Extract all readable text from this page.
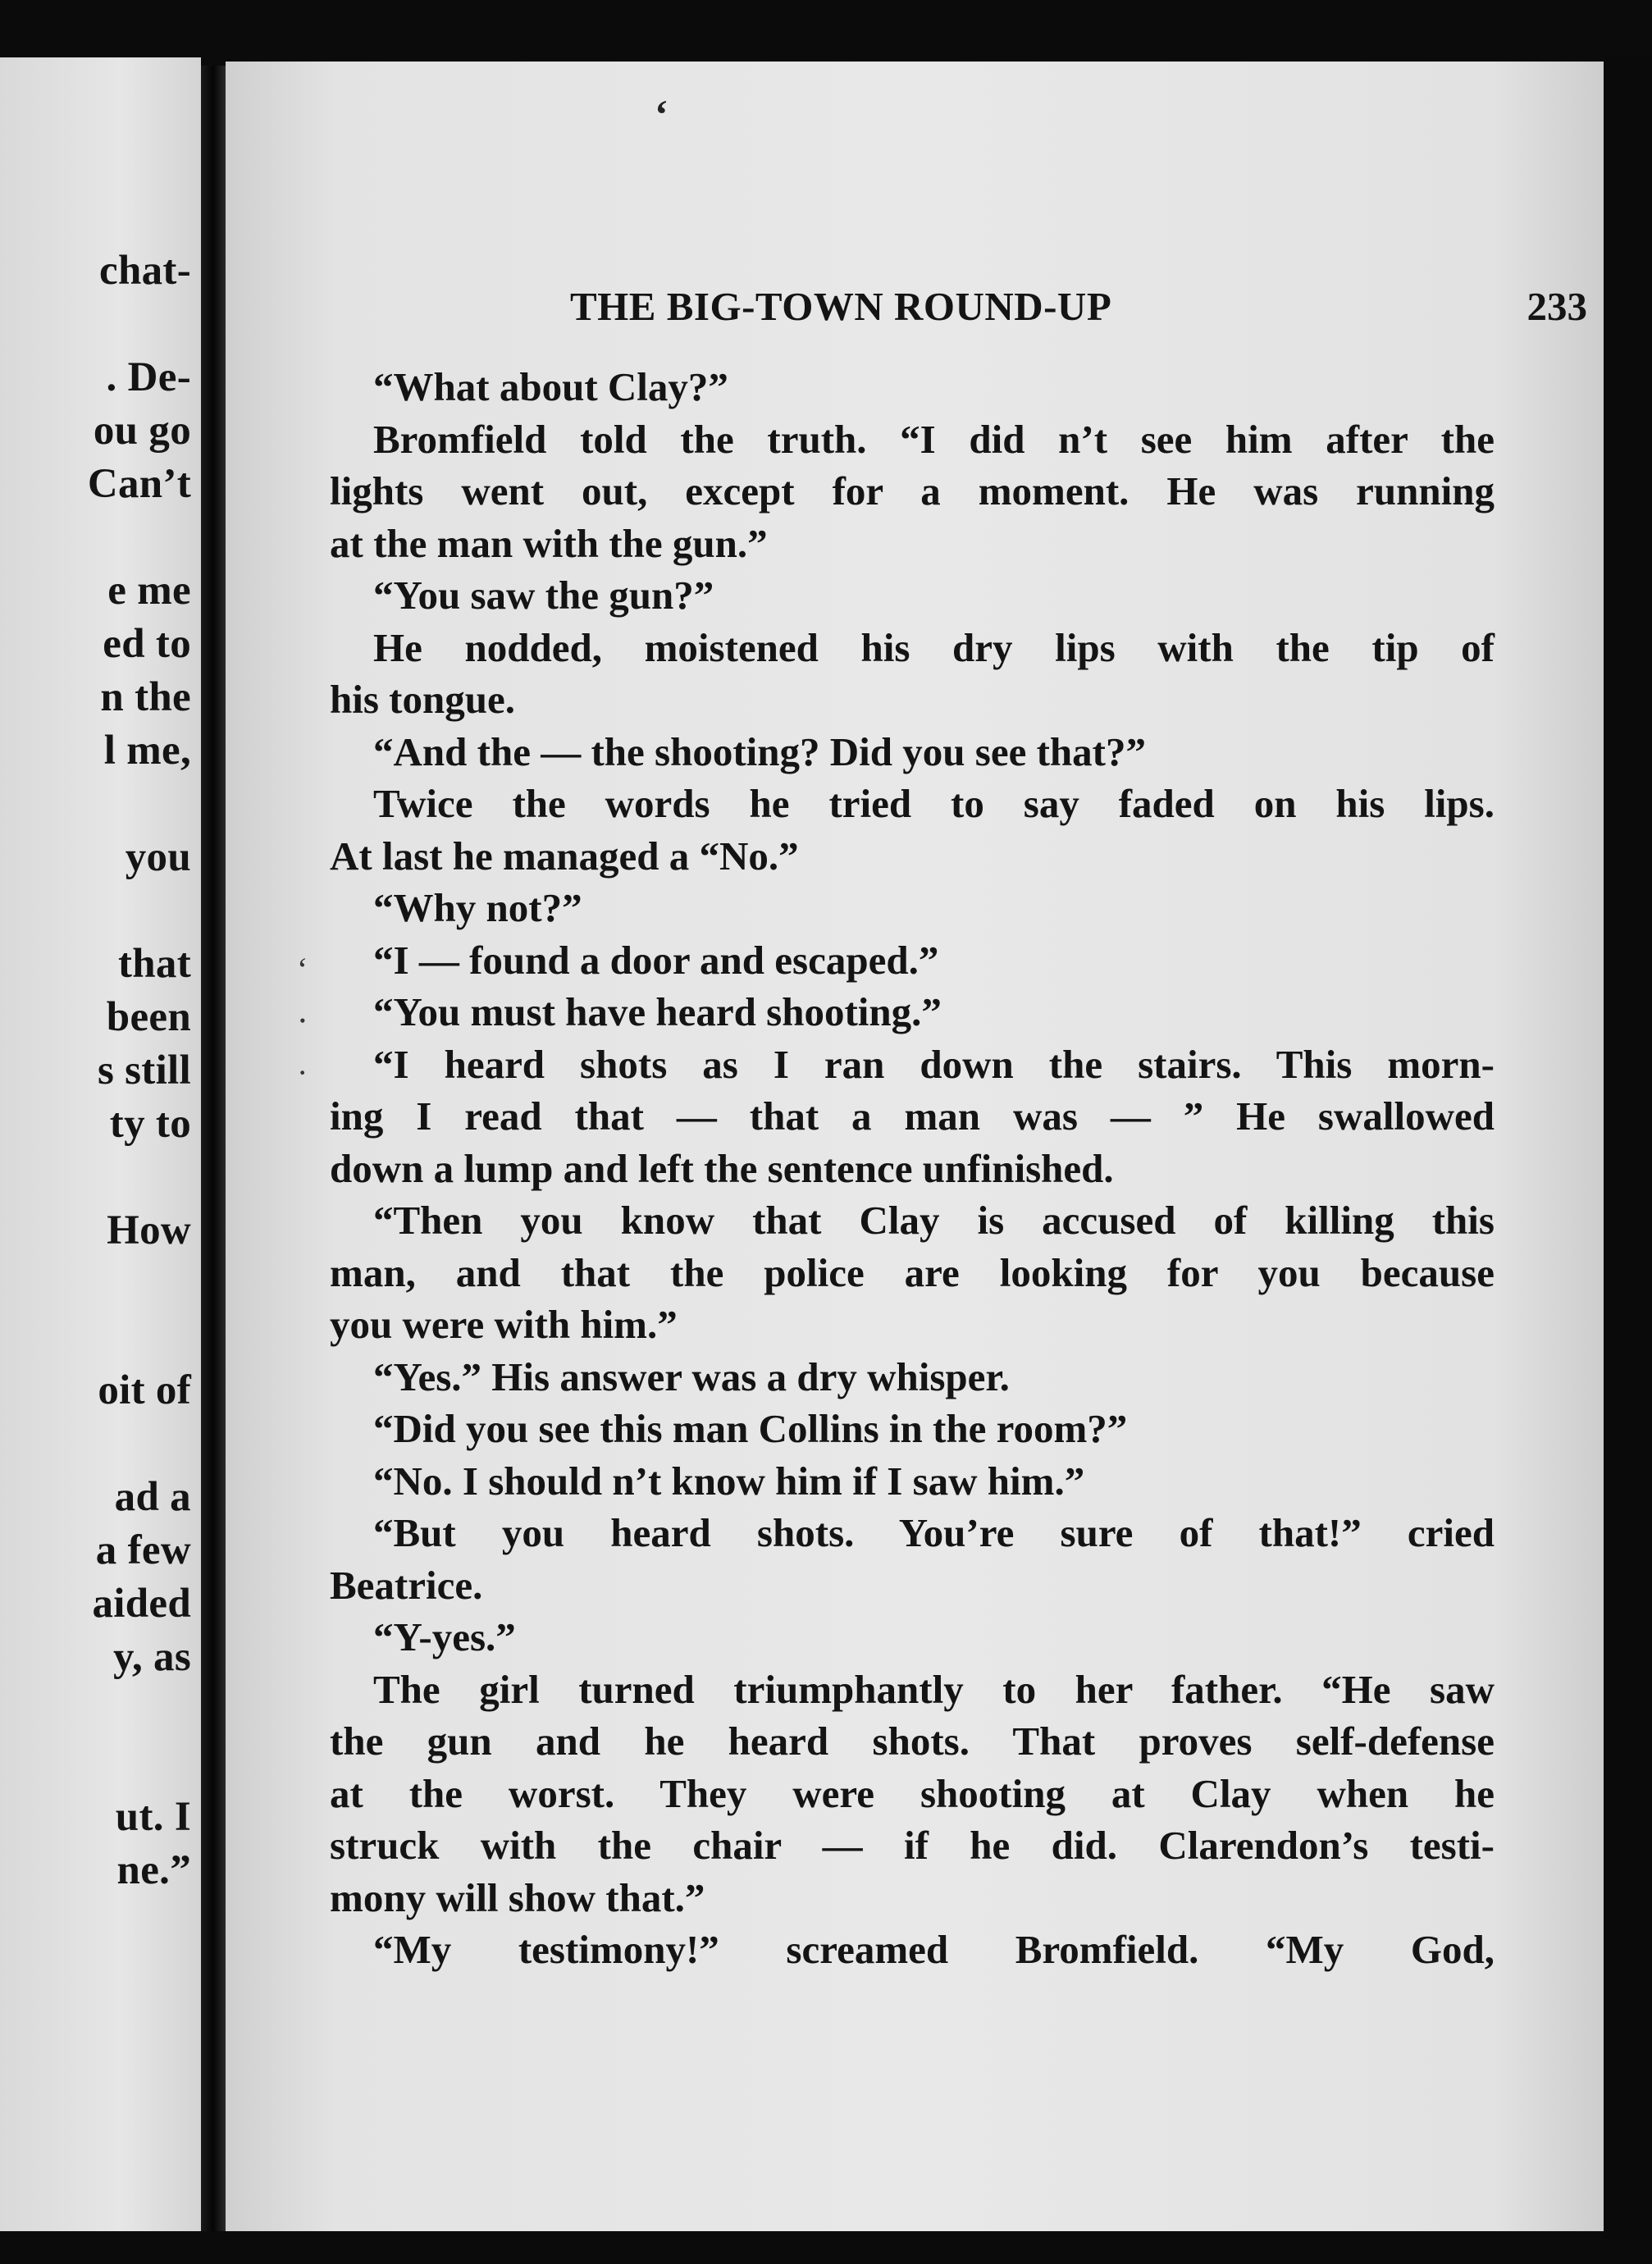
chat-
. De-
ou go
Can’t
e me
ed to
n the
l me,
you
that
been
s still
ty to
How
oit of
ad a
a few
aided
y, as
ut. I
ne.”
ʻ
THE BIG-TOWN ROUND-UP	233
‘
⋅
·
“What about Clay?”
Bromfield told the truth. “I did n’t see him after the
lights went out, except for a moment. He was running
at the man with the gun.”
“You saw the gun?”
He nodded, moistened his dry lips with the tip of
his tongue.
“And the — the shooting? Did you see that?”
Twice the words he tried to say faded on his lips.
At last he managed a “No.”
“Why not?”
“I — found a door and escaped.”
“You must have heard shooting.”
“I heard shots as I ran down the stairs. This morn-
ing I read that — that a man was — ” He swallowed
down a lump and left the sentence unfinished.
“Then you know that Clay is accused of killing this
man, and that the police are looking for you because
you were with him.”
“Yes.” His answer was a dry whisper.
“Did you see this man Collins in the room?”
“No. I should n’t know him if I saw him.”
“But you heard shots. You’re sure of that!” cried
Beatrice.
“Y-yes.”
The girl turned triumphantly to her father. “He saw
the gun and he heard shots. That proves self-defense
at the worst. They were shooting at Clay when he
struck with the chair — if he did. Clarendon’s testi-
mony will show that.”
“My testimony!” screamed Bromfield. “My God,
